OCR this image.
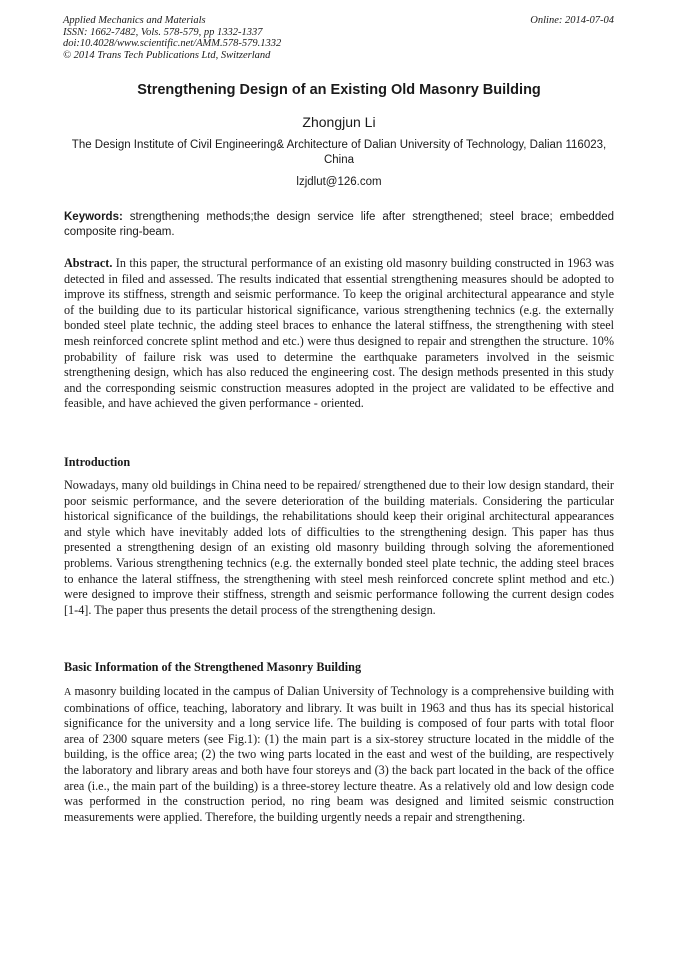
Applied Mechanics and Materials
ISSN: 1662-7482, Vols. 578-579, pp 1332-1337
doi:10.4028/www.scientific.net/AMM.578-579.1332
© 2014 Trans Tech Publications Ltd, Switzerland
Online: 2014-07-04
Strengthening Design of an Existing Old Masonry Building
Zhongjun Li
The Design Institute of Civil Engineering& Architecture of Dalian University of Technology, Dalian 116023, China
lzjdlut@126.com
Keywords: strengthening methods;the design service life after strengthened; steel brace; embedded composite ring-beam.
Abstract. In this paper, the structural performance of an existing old masonry building constructed in 1963 was detected in filed and assessed. The results indicated that essential strengthening measures should be adopted to improve its stiffness, strength and seismic performance. To keep the original architectural appearance and style of the building due to its particular historical significance, various strengthening technics (e.g. the externally bonded steel plate technic, the adding steel braces to enhance the lateral stiffness, the strengthening with steel mesh reinforced concrete splint method and etc.) were thus designed to repair and strengthen the structure. 10% probability of failure risk was used to determine the earthquake parameters involved in the seismic strengthening design, which has also reduced the engineering cost. The design methods presented in this study and the corresponding seismic construction measures adopted in the project are validated to be effective and feasible, and have achieved the given performance - oriented.
Introduction
Nowadays, many old buildings in China need to be repaired/ strengthened due to their low design standard, their poor seismic performance, and the severe deterioration of the building materials. Considering the particular historical significance of the buildings, the rehabilitations should keep their original architectural appearances and style which have inevitably added lots of difficulties to the strengthening design. This paper has thus presented a strengthening design of an existing old masonry building through solving the aforementioned problems. Various strengthening technics (e.g. the externally bonded steel plate technic, the adding steel braces to enhance the lateral stiffness, the strengthening with steel mesh reinforced concrete splint method and etc.) were designed to improve their stiffness, strength and seismic performance following the current design codes [1-4]. The paper thus presents the detail process of the strengthening design.
Basic Information of the Strengthened Masonry Building
A masonry building located in the campus of Dalian University of Technology is a comprehensive building with combinations of office, teaching, laboratory and library. It was built in 1963 and thus has its special historical significance for the university and a long service life. The building is composed of four parts with total floor area of 2300 square meters (see Fig.1): (1) the main part is a six-storey structure located in the middle of the building, is the office area; (2) the two wing parts located in the east and west of the building, are respectively the laboratory and library areas and both have four storeys and (3) the back part located in the back of the office area (i.e., the main part of the building) is a three-storey lecture theatre. As a relatively old and low design code was performed in the construction period, no ring beam was designed and limited seismic construction measurements were applied. Therefore, the building urgently needs a repair and strengthening.
